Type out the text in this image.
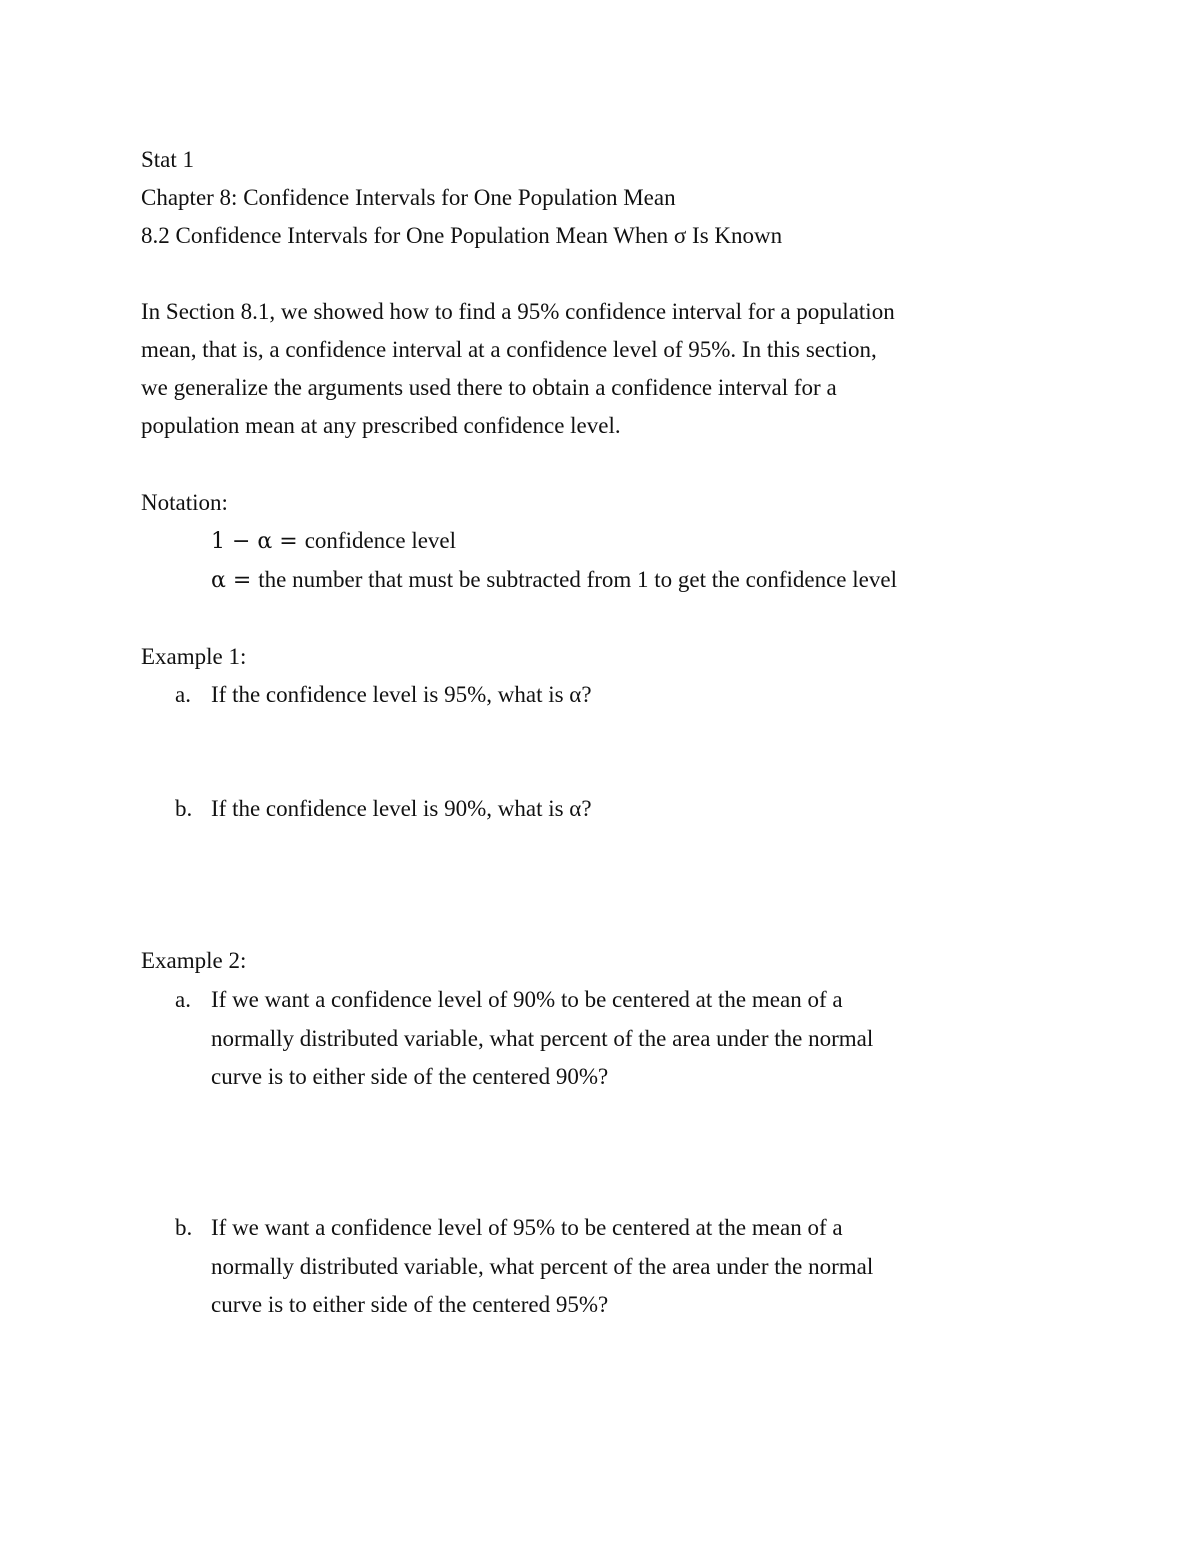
Stat 1

Chapter 8: Confidence Intervals for One Population Mean

8.2 Confidence Intervals for One Population Mean When σ Is Known

In Section 8.1, we showed how to find a 95% confidence interval for a population

mean, that is, a confidence interval at a confidence level of 95%. In this section,

we generalize the arguments used there to obtain a confidence interval for a

population mean at any prescribed confidence level.

Notation:

1 − α = confidence level

α = the number that must be subtracted from 1 to get the confidence level

Example 1:

a. If the confidence level is 95%, what is α?

b. If the confidence level is 90%, what is α?

Example 2:

a. If we want a confidence level of 90% to be centered at the mean of a

normally distributed variable, what percent of the area under the normal

curve is to either side of the centered 90%?

b. If we want a confidence level of 95% to be centered at the mean of a

normally distributed variable, what percent of the area under the normal

curve is to either side of the centered 95%?
